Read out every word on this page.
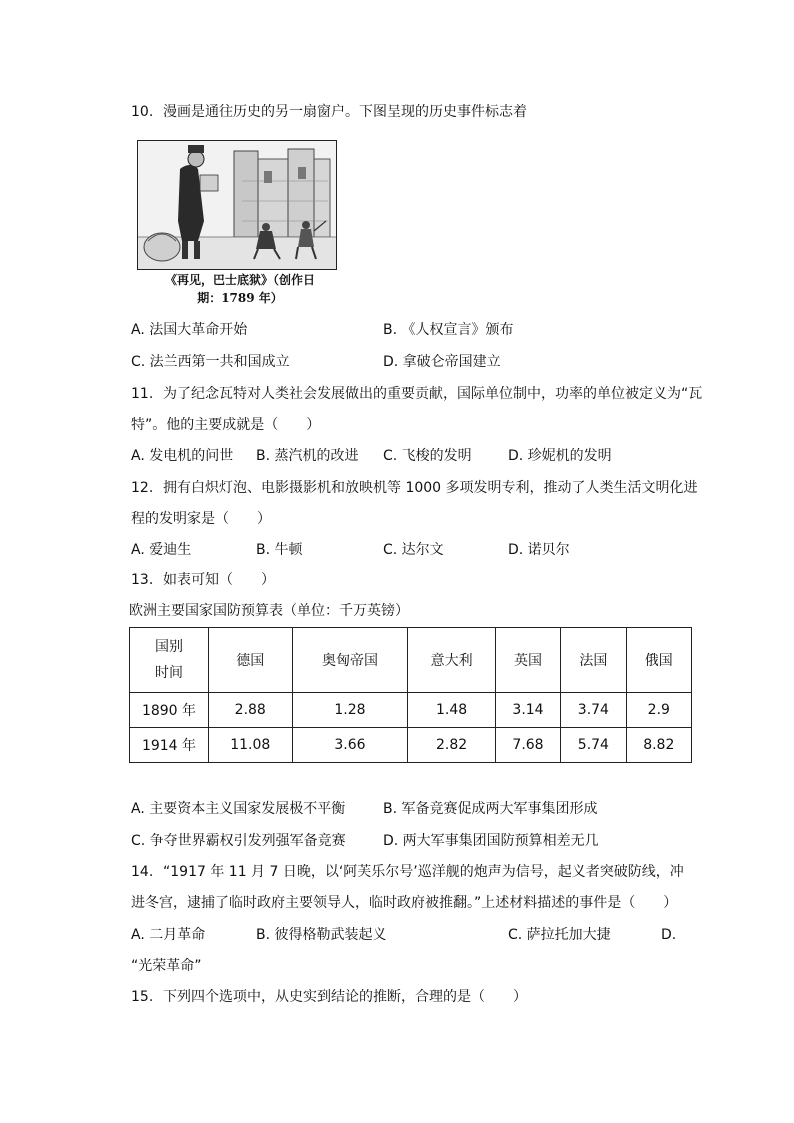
10. 漫画是通往历史的另一扇窗户。下图呈现的历史事件标志着
《再见，巴士底狱》（创作日
期：1789 年）
A. 法国大革命开始	B. 《人权宣言》颁布
C. 法兰西第一共和国成立	D. 拿破仑帝国建立
11. 为了纪念瓦特对人类社会发展做出的重要贡献，国际单位制中，功率的单位被定义为“瓦
特”。他的主要成就是（　　）
A. 发电机的问世 B. 蒸汽机的改进 C. 飞梭的发明	D. 珍妮机的发明
12. 拥有白炽灯泡、电影摄影机和放映机等 1000 多项发明专利，推动了人类生活文明化进
程的发明家是（　　）
A. 爱迪生	B. 牛顿	C. 达尔文	D. 诺贝尔
13. 如表可知（　　）
欧洲主要国家国防预算表（单位：千万英镑）
国别
时间	德国	奥匈帝国	意大利	英国	法国	俄国
1890 年	2.88	1.28	1.48	3.14	3.74	2.9
1914 年	11.08	3.66	2.82	7.68	5.74	8.82
A. 主要资本主义国家发展极不平衡	B. 军备竞赛促成两大军事集团形成
C. 争夺世界霸权引发列强军备竞赛	D. 两大军事集团国防预算相差无几
14. “1917 年 11 月 7 日晚，以‘阿芙乐尔号’巡洋舰的炮声为信号，起义者突破防线，冲
进冬宫，逮捕了临时政府主要领导人，临时政府被推翻。”上述材料描述的事件是（　　）
A. 二月革命	B. 彼得格勒武装起义	C. 萨拉托加大捷	D.
“光荣革命”
15. 下列四个选项中，从史实到结论的推断，合理的是（　　）
